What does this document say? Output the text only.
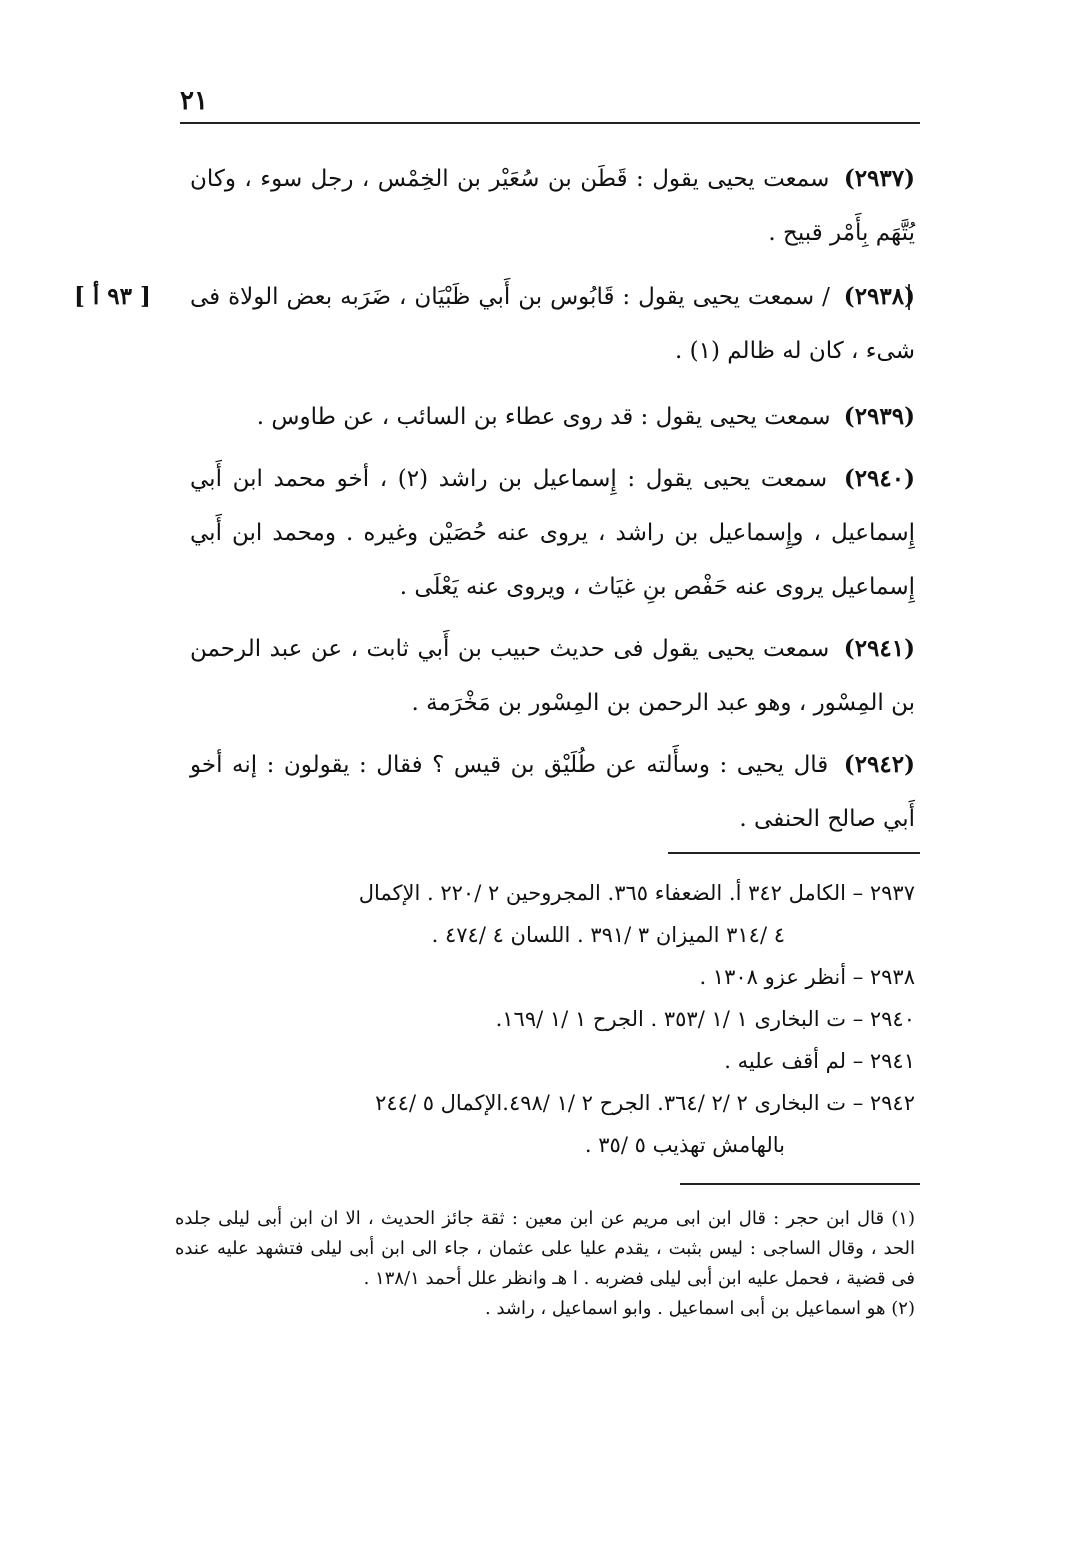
٢١
[ ٩٣ أ ]

(٢٩٣٧) سمعت يحيى يقول : قَطَن بن سُعَيْر بن الخِمْس ، رجل سوء ، وكان يُتَّهَم بِأَمْر قبيح .

(٢٩٣٨) / سمعت يحيى يقول : قَابُوس بن أَبي ظَبْيَان ، ضَرَبه بعض الولاة فى شىء ، كان له ظالم (١) .

(٢٩٣٩) سمعت يحيى يقول : قد روى عطاء بن السائب ، عن طاوس .

(٢٩٤٠) سمعت يحيى يقول : إِسماعيل بن راشد (٢) ، أخو محمد ابن أَبي إِسماعيل ، وإِسماعيل بن راشد ، يروى عنه حُصَيْن وغيره . ومحمد ابن أَبي إِسماعيل يروى عنه حَفْص بنِ غيَاث ، ويروى عنه يَعْلَى .

(٢٩٤١) سمعت يحيى يقول فى حديث حبيب بن أَبي ثابت ، عن عبد الرحمن بن المِسْور ، وهو عبد الرحمن بن المِسْور بن مَخْرَمة .

(٢٩٤٢) قال يحيى : وسأَلته عن طُلَيْق بن قيس ؟ فقال : يقولون : إنه أخو أَبي صالح الحنفى .

٢٩٣٧ – الكامل ٣٤٢ أ. الضعفاء ٣٦٥. المجروحين ٢ /٢٢٠ . الإكمال
٤ /٣١٤ الميزان ٣ /٣٩١ . اللسان ٤ /٤٧٤ .
٢٩٣٨ – أنظر عزو ١٣٠٨ .
٢٩٤٠ – ت البخارى ١ /١ /٣٥٣ . الجرح ١ /١ /١٦٩.
٢٩٤١ – لم أقف عليه .
٢٩٤٢ – ت البخارى ٢ /٢ /٣٦٤. الجرح ٢ /١ /٤٩٨.الإكمال ٥ /٢٤٤
بالهامش تهذيب ٥ /٣٥ .

(١) قال ابن حجر : قال ابن ابى مريم عن ابن معين : ثقة جائز الحديث ، الا ان ابن أبى ليلى جلده الحد ، وقال الساجى : ليس بثبت ، يقدم عليا على عثمان ، جاء الى ابن أبى ليلى فتشهد عليه عنده فى قضية ، فحمل عليه ابن أبى ليلى فضربه . ا هـ وانظر علل أحمد ١٣٨/١ .

(٢) هو اسماعيل بن أبى اسماعيل . وابو اسماعيل ، راشد .
